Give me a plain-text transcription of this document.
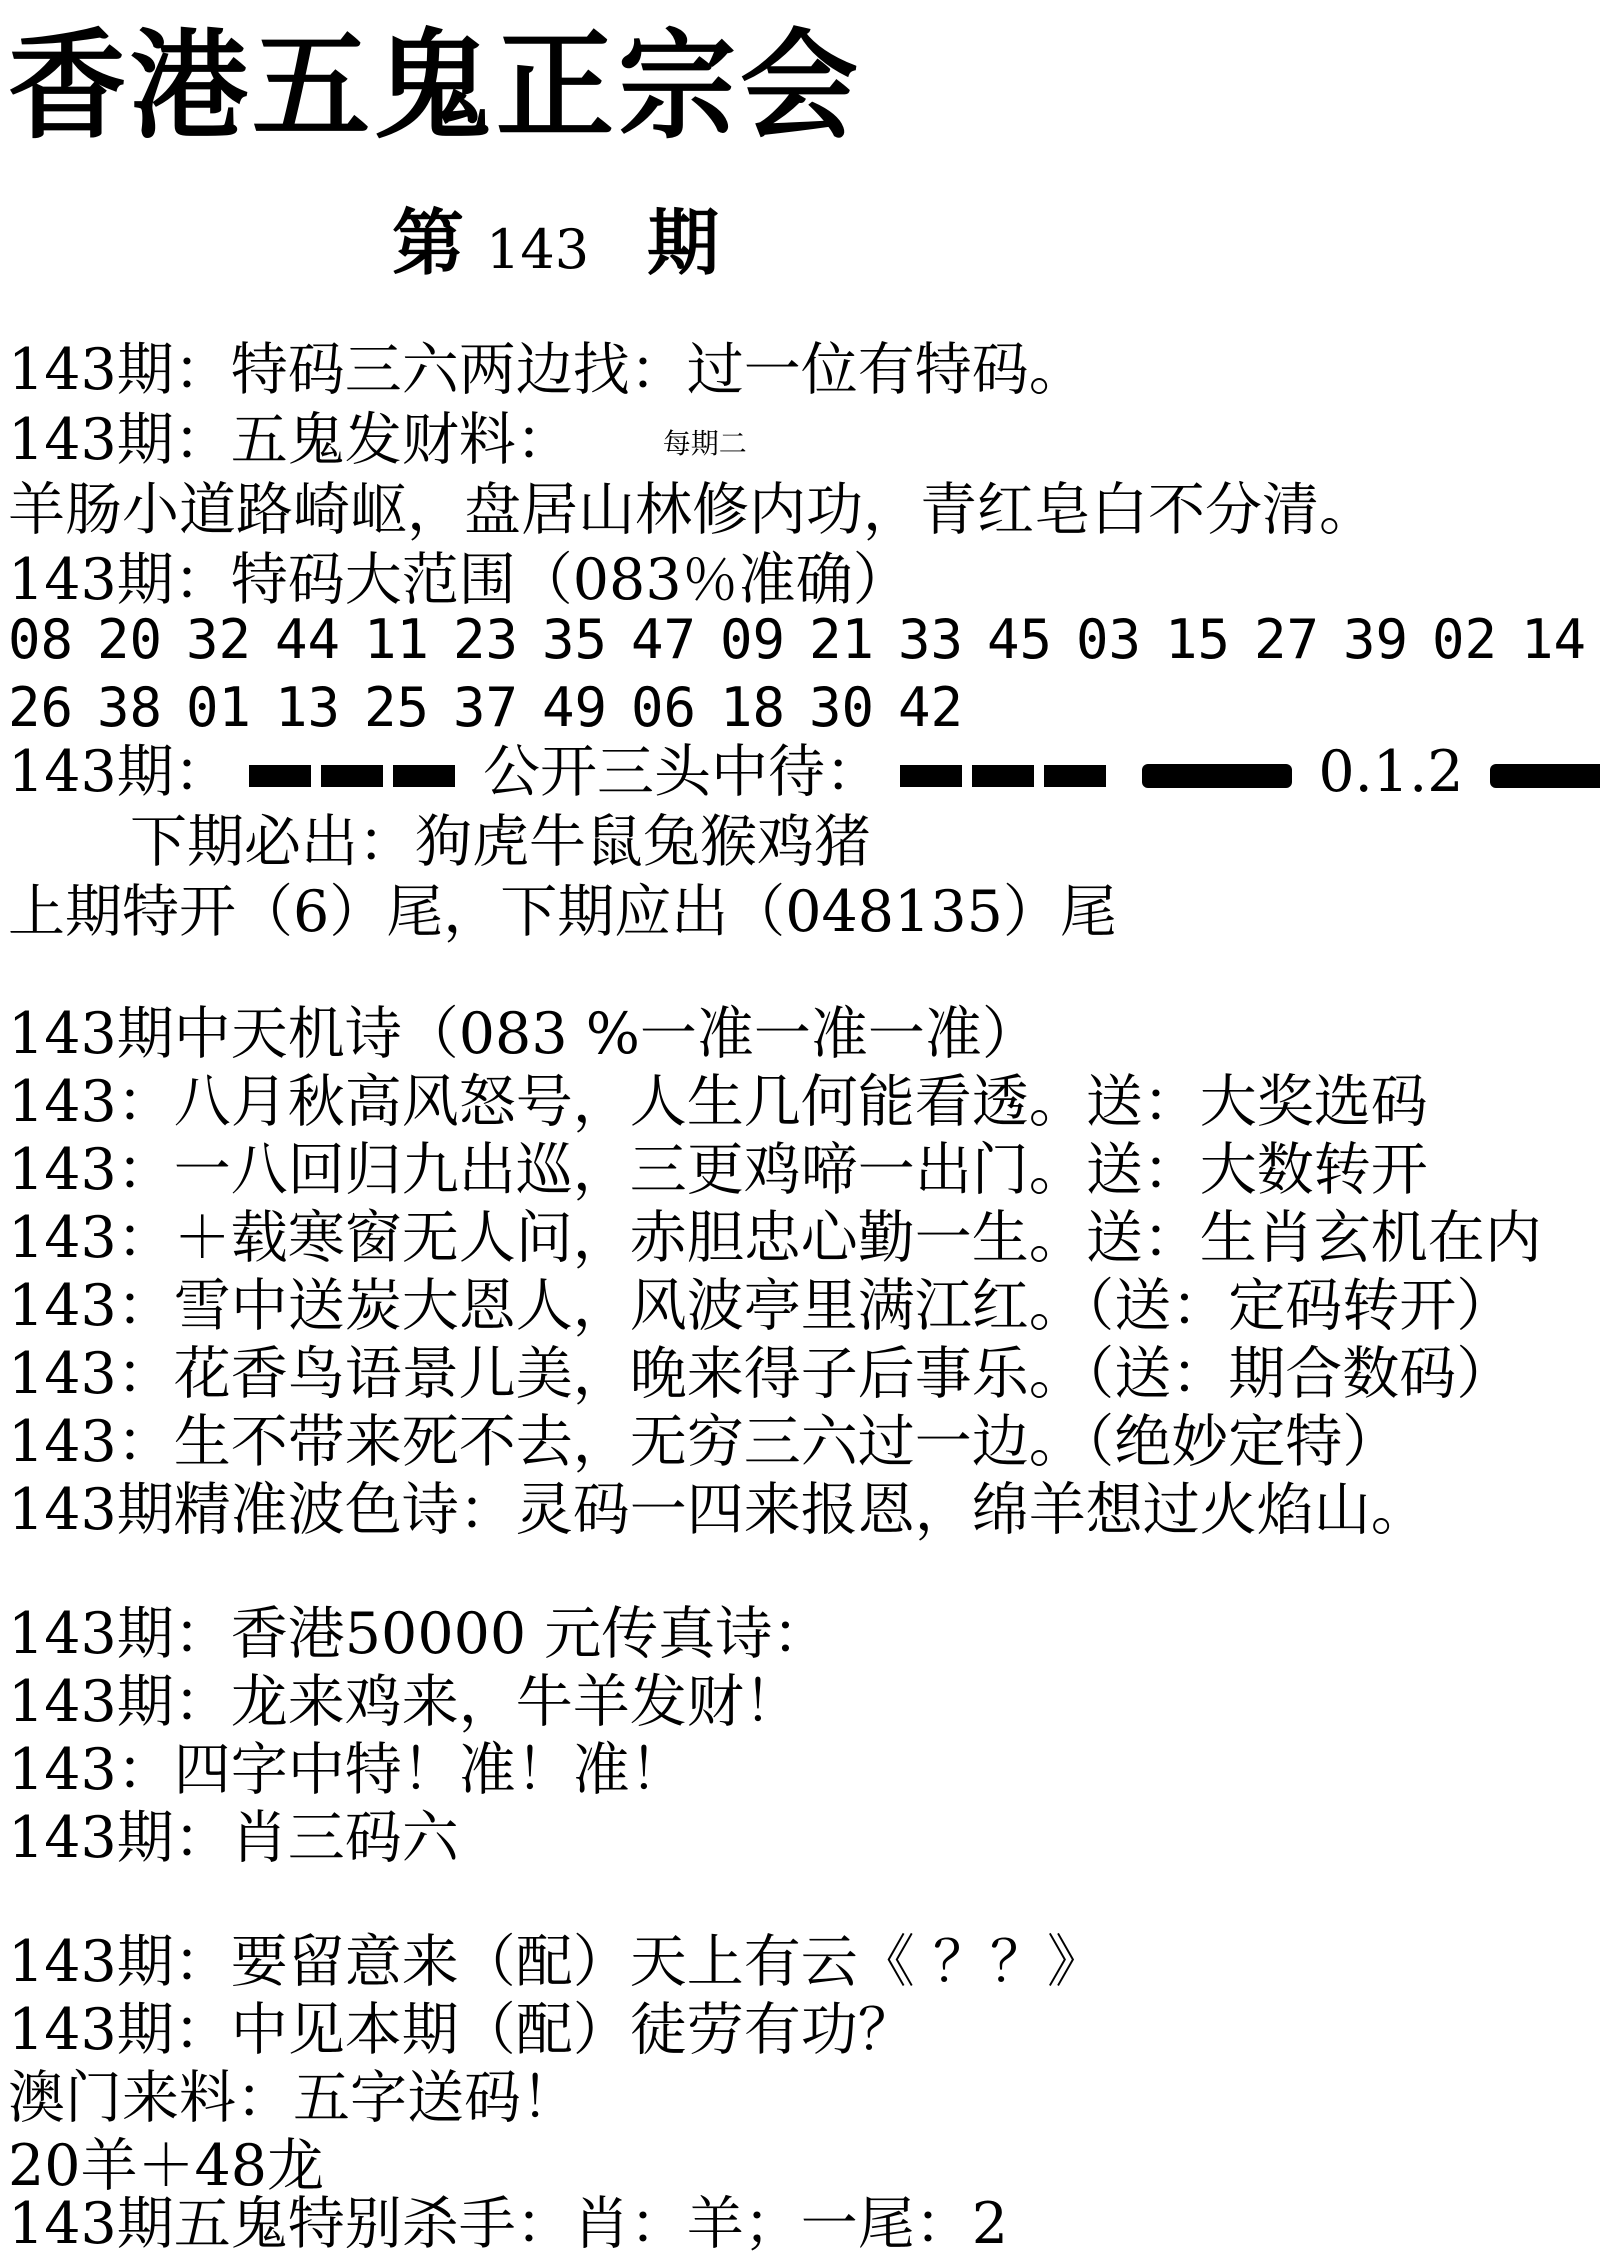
香港五鬼正宗会
第 143 期
143期：特码三六两边找：过一位有特码。
143期：五鬼发财料：	每期二
羊肠小道路崎岖，盘居山林修内功，青红皂白不分清。
143期：特码大范围（083％准确）
08 20 32 44 11 23 35 47 09 21 33 45 03 15 27 39 02 14
26 38 01 13 25 37 49 06 18 30 42
143期：	公开三头中待：	0.1.2
下期必出：狗虎牛鼠兔猴鸡猪
上期特开（6）尾，下期应出（048135）尾
143期中天机诗（083 %一准一准一准）
143：八月秋高风怒号，人生几何能看透。送：大奖选码
143：一八回归九出巡，三更鸡啼一出门。送：大数转开
143：＋载寒窗无人问，赤胆忠心勤一生。送：生肖玄机在内
143：雪中送炭大恩人，风波亭里满江红。（送：定码转开）
143：花香鸟语景儿美，晚来得子后事乐。（送：期合数码）
143：生不带来死不去，无穷三六过一边。（绝妙定特）
143期精准波色诗：灵码一四来报恩，绵羊想过火焰山。
143期：香港50000 元传真诗：
143期：龙来鸡来，牛羊发财！
143：四字中特！准！准！
143期：肖三码六
143期：要留意来（配）天上有云《 ？？》
143期：中见本期（配）徒劳有功？
澳门来料：五字送码！
20羊＋48龙
143期五鬼特别杀手：肖：羊；一尾：2
